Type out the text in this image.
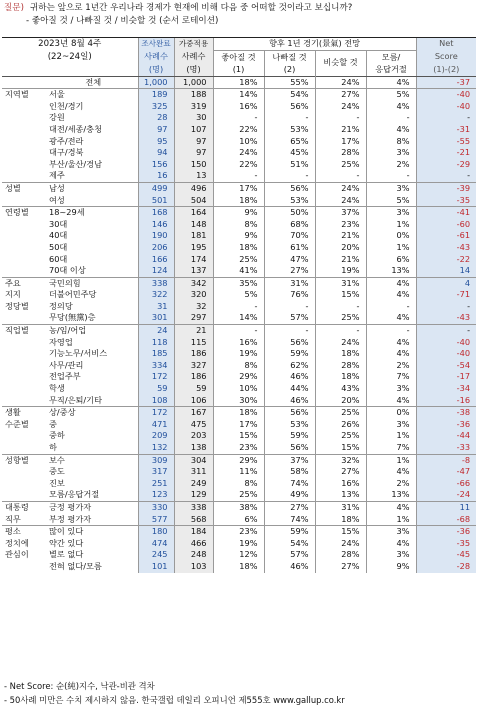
질문) 귀하는 앞으로 1년간 우리나라 경제가 현재에 비해 다음 중 어떠할 것이라고 보십니까?
- 좋아질 것 / 나빠질 것 / 비슷할 것 (순서 로테이션)
2023년 8월 4주
(22~24일)		조사완료	가중적용	향후 1년 경기(景氣) 전망				Net
		사례수	사례수	좋아질 것	나빠질 것	비슷할 것	모름/	Score
		(명)	(명)	(1)	(2)		응답거절	(1)-(2)
	전체	1,000	1,000	18%	55%	24%	4%	-37
지역별	서울	189	188	14%	54%	27%	5%	-40
	인천/경기	325	319	16%	56%	24%	4%	-40
	강원	28	30	-	-	-	-	-
	대전/세종/충청	97	107	22%	53%	21%	4%	-31
	광주/전라	95	97	10%	65%	17%	8%	-55
	대구/경북	94	97	24%	45%	28%	3%	-21
	부산/울산/경남	156	150	22%	51%	25%	2%	-29
	제주	16	13	-	-	-	-	-
성별	남성	499	496	17%	56%	24%	3%	-39
	여성	501	504	18%	53%	24%	5%	-35
연령별	18~29세	168	164	9%	50%	37%	3%	-41
	30대	146	148	8%	68%	23%	1%	-60
	40대	190	181	9%	70%	21%	0%	-61
	50대	206	195	18%	61%	20%	1%	-43
	60대	166	174	25%	47%	21%	6%	-22
	70대 이상	124	137	41%	27%	19%	13%	14
주요	국민의힘	338	342	35%	31%	31%	4%	4
지지	더불어민주당	322	320	5%	76%	15%	4%	-71
정당별	정의당	31	32	-	-	-	-	-
	무당(無黨)층	301	297	14%	57%	25%	4%	-43
직업별	농/임/어업	24	21	-	-	-	-	-
	자영업	118	115	16%	56%	24%	4%	-40
	기능노무/서비스	185	186	19%	59%	18%	4%	-40
	사무/관리	334	327	8%	62%	28%	2%	-54
	전업주부	172	186	29%	46%	18%	7%	-17
	학생	59	59	10%	44%	43%	3%	-34
	무직/은퇴/기타	108	106	30%	46%	20%	4%	-16
생활	상/중상	172	167	18%	56%	25%	0%	-38
수준별	중	471	475	17%	53%	26%	3%	-36
	중하	209	203	15%	59%	25%	1%	-44
	하	132	138	23%	56%	15%	7%	-33
성향별	보수	309	304	29%	37%	32%	1%	-8
	중도	317	311	11%	58%	27%	4%	-47
	진보	251	249	8%	74%	16%	2%	-66
	모름/응답거절	123	129	25%	49%	13%	13%	-24
대통령	긍정 평가자	330	338	38%	27%	31%	4%	11
직무	부정 평가자	577	568	6%	74%	18%	1%	-68
평소	많이 있다	180	184	23%	59%	15%	3%	-36
정치에	약간 있다	474	466	19%	54%	24%	4%	-35
관심이	별로 없다	245	248	12%	57%	28%	3%	-45
	전혀 없다/모름	101	103	18%	46%	27%	9%	-28
- Net Score: 순(純)지수, 낙관-비관 격차
- 50사례 미만은 수치 제시하지 않음. 한국갤럽 데일리 오피니언 제555호 www.gallup.co.kr
